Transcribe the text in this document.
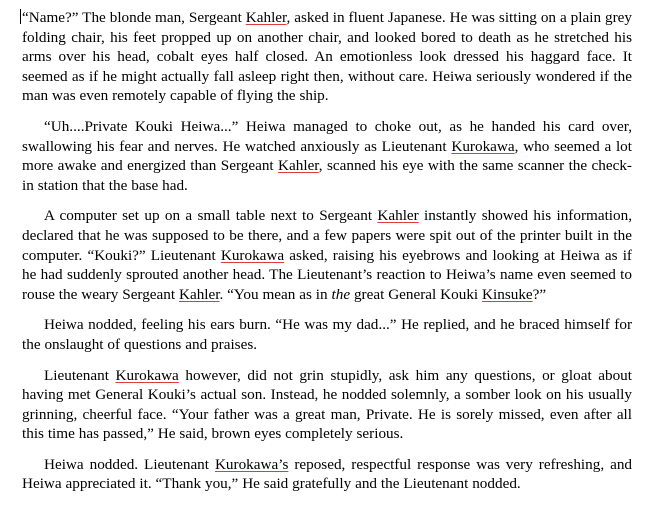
“Name?” The blonde man, Sergeant Kahler, asked in fluent Japanese. He was sitting on a plain grey folding chair, his feet propped up on another chair, and looked bored to death as he stretched his arms over his head, cobalt eyes half closed. An emotionless look dressed his haggard face. It seemed as if he might actually fall asleep right then, without care. Heiwa seriously wondered if the man was even remotely capable of flying the ship.

“Uh....Private Kouki Heiwa...” Heiwa managed to choke out, as he handed his card over, swallowing his fear and nerves. He watched anxiously as Lieutenant Kurokawa, who seemed a lot more awake and energized than Sergeant Kahler, scanned his eye with the same scanner the check-in station that the base had.

A computer set up on a small table next to Sergeant Kahler instantly showed his information, declared that he was supposed to be there, and a few papers were spit out of the printer built in the computer. “Kouki?” Lieutenant Kurokawa asked, raising his eyebrows and looking at Heiwa as if he had suddenly sprouted another head. The Lieutenant’s reaction to Heiwa’s name even seemed to rouse the weary Sergeant Kahler. “You mean as in the great General Kouki Kinsuke?”

Heiwa nodded, feeling his ears burn. “He was my dad...” He replied, and he braced himself for the onslaught of questions and praises.

Lieutenant Kurokawa however, did not grin stupidly, ask him any questions, or gloat about having met General Kouki’s actual son. Instead, he nodded solemnly, a somber look on his usually grinning, cheerful face. “Your father was a great man, Private. He is sorely missed, even after all this time has passed,” He said, brown eyes completely serious.

Heiwa nodded. Lieutenant Kurokawa’s reposed, respectful response was very refreshing, and Heiwa appreciated it. “Thank you,” He said gratefully and the Lieutenant nodded.
